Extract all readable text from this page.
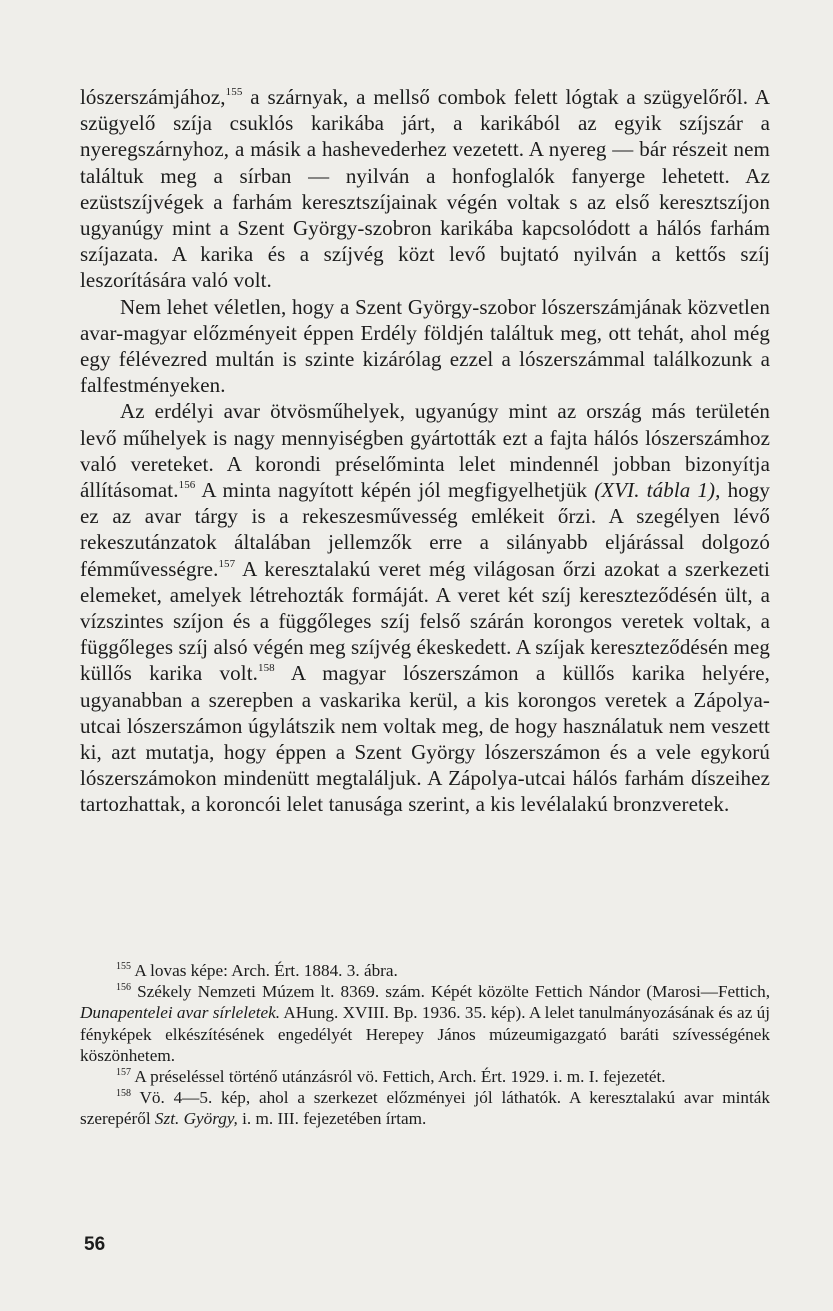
lószerszámjához,$^{155}$ a szárnyak, a mellső combok felett lógtak a szügyelőről. A szügyelő szíja csuklós karikába járt, a karikából az egyik szíjszár a nyeregszárnyhoz, a másik a hashevederhez vezetett. A nyereg — bár részeit nem találtuk meg a sírban — nyilván a honfoglalók fanyerge lehetett. Az ezüstszíjvégek a farhám keresztszíjainak végén voltak s az első keresztszíjon ugyanúgy mint a Szent György-szobron karikába kapcsolódott a hálós farhám szíjazata. A karika és a szíjvég közt levő bujtató nyilván a kettős szíj leszorítására való volt.

Nem lehet véletlen, hogy a Szent György-szobor lószerszámjának közvetlen avar-magyar előzményeit éppen Erdély földjén találtuk meg, ott tehát, ahol még egy félévezred multán is szinte kizárólag ezzel a lószerszámmal találkozunk a falfestményeken.

Az erdélyi avar ötvösműhelyek, ugyanúgy mint az ország más területén levő műhelyek is nagy mennyiségben gyártották ezt a fajta hálós lószerszámhoz való vereteket. A korondi préselőminta lelet mindennél jobban bizonyítja állításomat.$^{156}$ A minta nagyított képén jól megfigyelhetjük (XVI. tábla 1), hogy ez az avar tárgy is a rekeszesművesség emlékeit őrzi. A szegélyen lévő rekeszutánzatok általában jellemzők erre a silányabb eljárással dolgozó fémművességre.$^{157}$ A keresztalakú veret még világosan őrzi azokat a szerkezeti elemeket, amelyek létrehozták formáját. A veret két szíj kereszteződésén ült, a vízszintes szíjon és a függőleges szíj felső szárán korongos veretek voltak, a függőleges szíj alsó végén meg szíjvég ékeskedett. A szíjak kereszteződésén meg küllős karika volt.$^{158}$ A magyar lószerszámon a küllős karika helyére, ugyanabban a szerepben a vaskarika kerül, a kis korongos veretek a Zápolya-utcai lószerszámon úgylátszik nem voltak meg, de hogy használatuk nem veszett ki, azt mutatja, hogy éppen a Szent György lószerszámon és a vele egykorú lószerszámokon mindenütt megtaláljuk. A Zápolya-utcai hálós farhám díszeihez tartozhattak, a koroncói lelet tanusága szerint, a kis levélalakú bronzveretek.

$^{155}$ A lovas képe: Arch. Ért. 1884. 3. ábra.

$^{156}$ Székely Nemzeti Múzem lt. 8369. szám. Képét közölte Fettich Nándor (Marosi—Fettich, Dunapentelei avar sírleletek. AHung. XVIII. Bp. 1936. 35. kép). A lelet tanulmányozásának és az új fényképek elkészítésének engedélyét Herepey János múzeumigazgató baráti szívességének köszönhetem.

$^{157}$ A préseléssel történő utánzásról vö. Fettich, Arch. Ért. 1929. i. m. I. fejezetét.

$^{158}$ Vö. 4—5. kép, ahol a szerkezet előzményei jól láthatók. A keresztalakú avar minták szerepéről Szt. György, i. m. III. fejezetében írtam.

56
